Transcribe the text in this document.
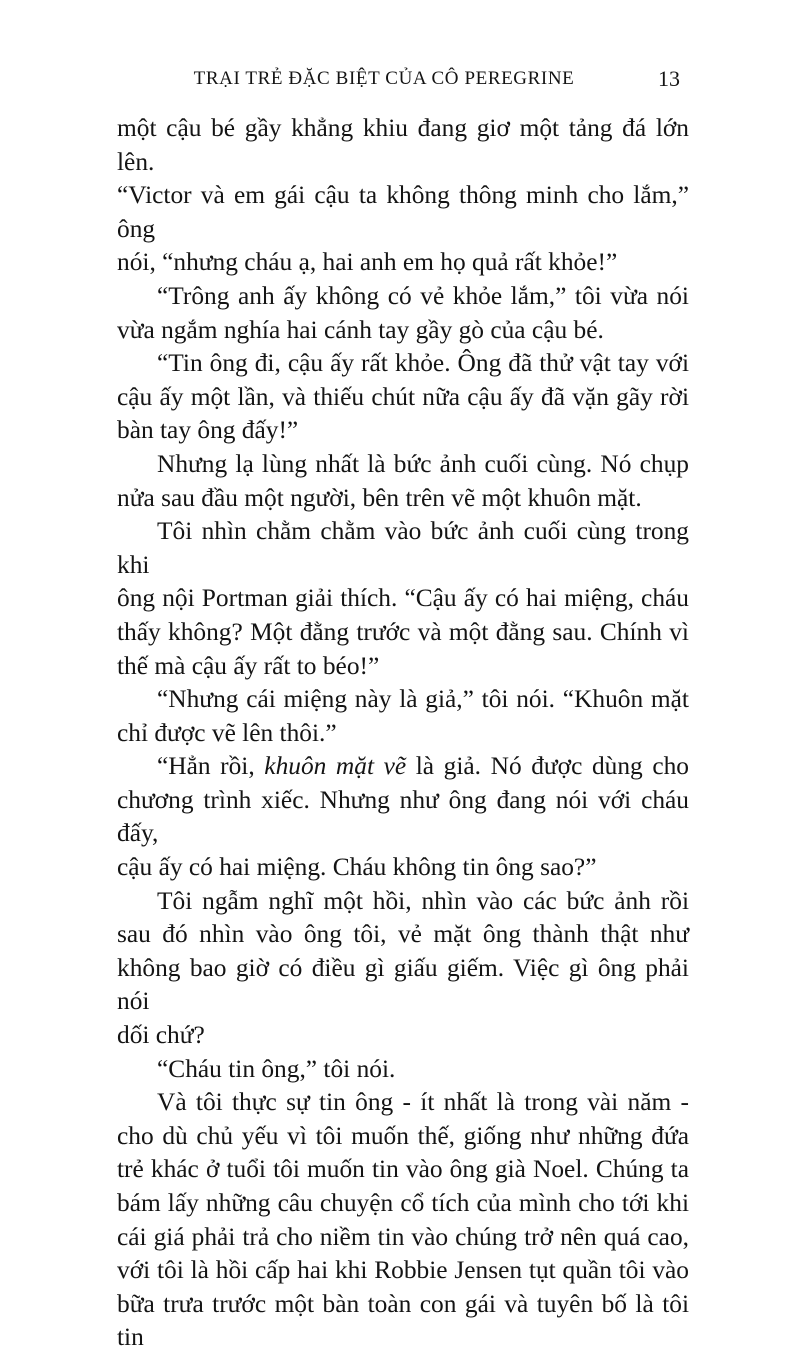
TRẠI TRẺ ĐẶC BIỆT CỦA CÔ PEREGRINE	13

một cậu bé gầy khẳng khiu đang giơ một tảng đá lớn lên.

“Victor và em gái cậu ta không thông minh cho lắm,” ông

nói, “nhưng cháu ạ, hai anh em họ quả rất khỏe!”

“Trông anh ấy không có vẻ khỏe lắm,” tôi vừa nói

vừa ngắm nghía hai cánh tay gầy gò của cậu bé.

“Tin ông đi, cậu ấy rất khỏe. Ông đã thử vật tay với

cậu ấy một lần, và thiếu chút nữa cậu ấy đã vặn gãy rời

bàn tay ông đấy!”

Nhưng lạ lùng nhất là bức ảnh cuối cùng. Nó chụp

nửa sau đầu một người, bên trên vẽ một khuôn mặt.

Tôi nhìn chằm chằm vào bức ảnh cuối cùng trong khi

ông nội Portman giải thích. “Cậu ấy có hai miệng, cháu

thấy không? Một đằng trước và một đằng sau. Chính vì

thế mà cậu ấy rất to béo!”

“Nhưng cái miệng này là giả,” tôi nói. “Khuôn mặt

chỉ được vẽ lên thôi.”

“Hẳn rồi, khuôn mặt vẽ là giả. Nó được dùng cho

chương trình xiếc. Nhưng như ông đang nói với cháu đấy,

cậu ấy có hai miệng. Cháu không tin ông sao?”

Tôi ngẫm nghĩ một hồi, nhìn vào các bức ảnh rồi

sau đó nhìn vào ông tôi, vẻ mặt ông thành thật như

không bao giờ có điều gì giấu giếm. Việc gì ông phải nói

dối chứ?

“Cháu tin ông,” tôi nói.

Và tôi thực sự tin ông - ít nhất là trong vài năm -

cho dù chủ yếu vì tôi muốn thế, giống như những đứa

trẻ khác ở tuổi tôi muốn tin vào ông già Noel. Chúng ta

bám lấy những câu chuyện cổ tích của mình cho tới khi

cái giá phải trả cho niềm tin vào chúng trở nên quá cao,

với tôi là hồi cấp hai khi Robbie Jensen tụt quần tôi vào

bữa trưa trước một bàn toàn con gái và tuyên bố là tôi tin
